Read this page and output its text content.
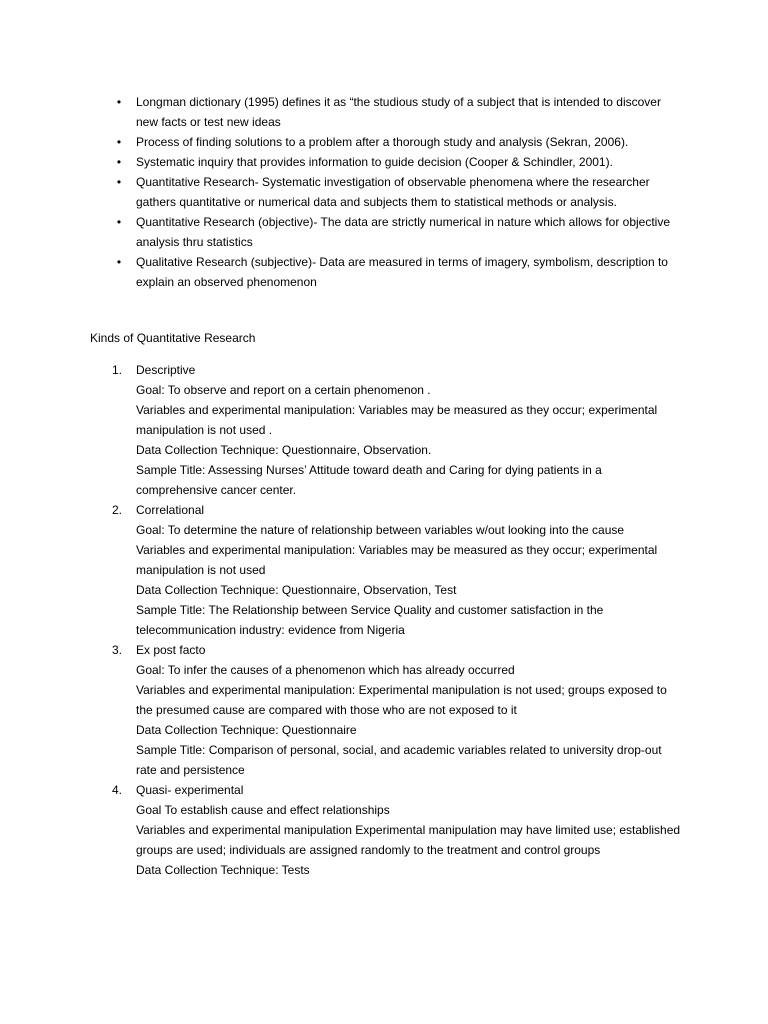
• Longman dictionary (1995) defines it as “the studious study of a subject that is intended to discover new facts or test new ideas
• Process of finding solutions to a problem after a thorough study and analysis (Sekran, 2006).
• Systematic inquiry that provides information to guide decision (Cooper & Schindler, 2001).
• Quantitative Research- Systematic investigation of observable phenomena where the researcher gathers quantitative or numerical data and subjects them to statistical methods or analysis.
• Quantitative Research (objective)- The data are strictly numerical in nature which allows for objective analysis thru statistics
• Qualitative Research (subjective)- Data are measured in terms of imagery, symbolism, description to explain an observed phenomenon

Kinds of Quantitative Research

1.	Descriptive
Goal: To observe and report on a certain phenomenon .
Variables and experimental manipulation: Variables may be measured as they occur; experimental manipulation is not used .
Data Collection Technique: Questionnaire, Observation.
Sample Title: Assessing Nurses’ Attitude toward death and Caring for dying patients in a comprehensive cancer center.
2.	Correlational
Goal: To determine the nature of relationship between variables w/out looking into the cause
Variables and experimental manipulation: Variables may be measured as they occur; experimental manipulation is not used
Data Collection Technique: Questionnaire, Observation, Test
Sample Title: The Relationship between Service Quality and customer satisfaction in the telecommunication industry: evidence from Nigeria
3.	Ex post facto
Goal: To infer the causes of a phenomenon which has already occurred
Variables and experimental manipulation: Experimental manipulation is not used; groups exposed to the presumed cause are compared with those who are not exposed to it
Data Collection Technique: Questionnaire
Sample Title: Comparison of personal, social, and academic variables related to university drop-out rate and persistence
4.	Quasi- experimental
Goal To establish cause and effect relationships
Variables and experimental manipulation Experimental manipulation may have limited use; established groups are used; individuals are assigned randomly to the treatment and control groups
Data Collection Technique: Tests
